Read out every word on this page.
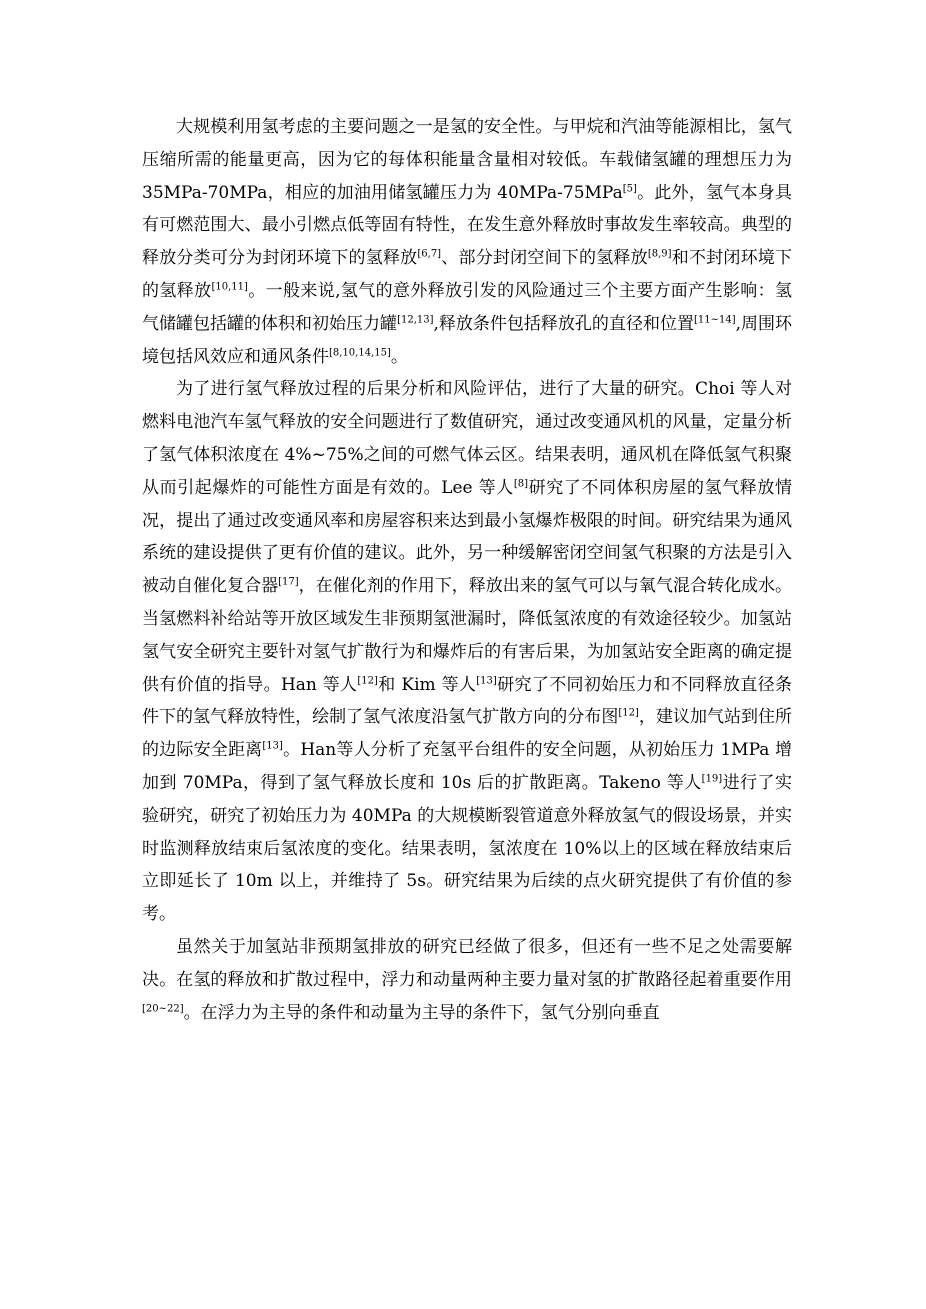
大规模利用氢考虑的主要问题之一是氢的安全性。与甲烷和汽油等能源相比，氢气压缩所需的能量更高，因为它的每体积能量含量相对较低。车载储氢罐的理想压力为 35MPa-70MPa，相应的加油用储氢罐压力为 40MPa-75MPa[5]。此外，氢气本身具有可燃范围大、最小引燃点低等固有特性，在发生意外释放时事故发生率较高。典型的释放分类可分为封闭环境下的氢释放[6,7]、部分封闭空间下的氢释放[8,9]和不封闭环境下的氢释放[10,11]。一般来说,氢气的意外释放引发的风险通过三个主要方面产生影响：氢气储罐包括罐的体积和初始压力罐[12,13],释放条件包括释放孔的直径和位置[11~14],周围环境包括风效应和通风条件[8,10,14,15]。

为了进行氢气释放过程的后果分析和风险评估，进行了大量的研究。Choi 等人对燃料电池汽车氢气释放的安全问题进行了数值研究，通过改变通风机的风量，定量分析了氢气体积浓度在 4%~75%之间的可燃气体云区。结果表明，通风机在降低氢气积聚从而引起爆炸的可能性方面是有效的。Lee 等人[8]研究了不同体积房屋的氢气释放情况，提出了通过改变通风率和房屋容积来达到最小氢爆炸极限的时间。研究结果为通风系统的建设提供了更有价值的建议。此外，另一种缓解密闭空间氢气积聚的方法是引入被动自催化复合器[17]，在催化剂的作用下，释放出来的氢气可以与氧气混合转化成水。当氢燃料补给站等开放区域发生非预期氢泄漏时，降低氢浓度的有效途径较少。加氢站氢气安全研究主要针对氢气扩散行为和爆炸后的有害后果，为加氢站安全距离的确定提供有价值的指导。Han 等人[12]和 Kim 等人[13]研究了不同初始压力和不同释放直径条件下的氢气释放特性，绘制了氢气浓度沿氢气扩散方向的分布图[12]，建议加气站到住所的边际安全距离[13]。Han等人分析了充氢平台组件的安全问题，从初始压力 1MPa 增加到 70MPa，得到了氢气释放长度和 10s 后的扩散距离。Takeno 等人[19]进行了实验研究，研究了初始压力为 40MPa 的大规模断裂管道意外释放氢气的假设场景，并实时监测释放结束后氢浓度的变化。结果表明，氢浓度在 10%以上的区域在释放结束后立即延长了 10m 以上，并维持了 5s。研究结果为后续的点火研究提供了有价值的参考。

虽然关于加氢站非预期氢排放的研究已经做了很多，但还有一些不足之处需要解决。在氢的释放和扩散过程中，浮力和动量两种主要力量对氢的扩散路径起着重要作用[20~22]。在浮力为主导的条件和动量为主导的条件下，氢气分别向垂直
